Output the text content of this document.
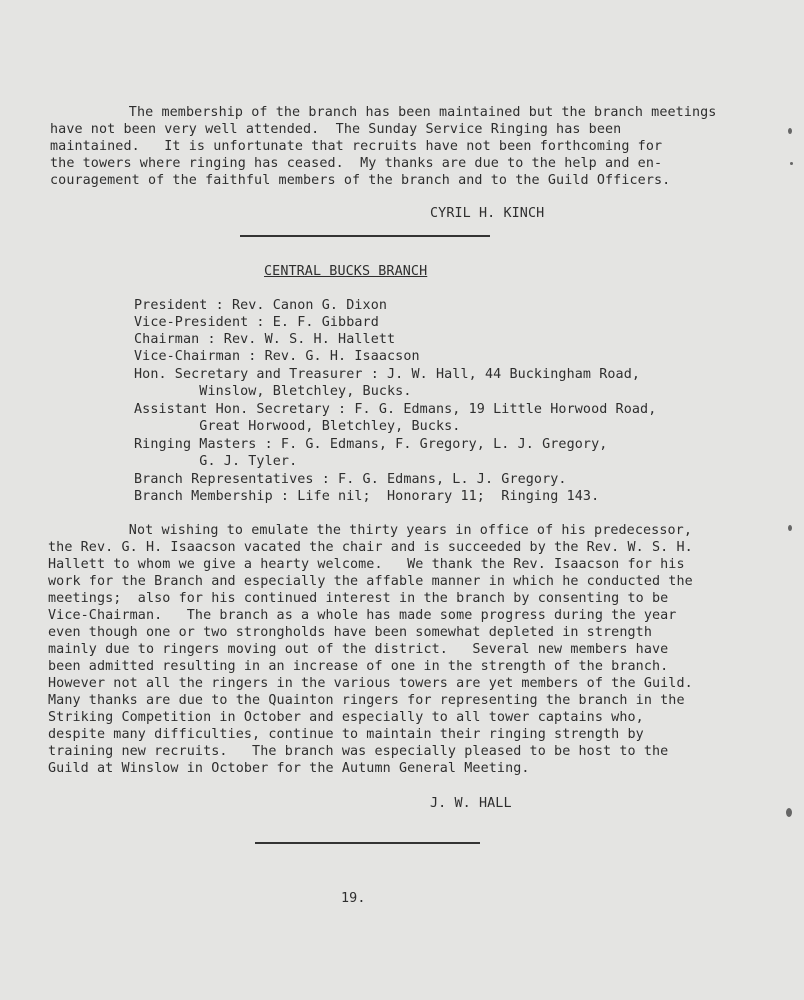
The membership of the branch has been maintained but the branch meetings
have not been very well attended.  The Sunday Service Ringing has been
maintained.   It is unfortunate that recruits have not been forthcoming for
the towers where ringing has ceased.  My thanks are due to the help and en-
couragement of the faithful members of the branch and to the Guild Officers.
CYRIL H. KINCH
CENTRAL BUCKS BRANCH
President : Rev. Canon G. Dixon
Vice-President : E. F. Gibbard
Chairman : Rev. W. S. H. Hallett
Vice-Chairman : Rev. G. H. Isaacson
Hon. Secretary and Treasurer : J. W. Hall, 44 Buckingham Road,
Winslow, Bletchley, Bucks.
Assistant Hon. Secretary : F. G. Edmans, 19 Little Horwood Road,
Great Horwood, Bletchley, Bucks.
Ringing Masters : F. G. Edmans, F. Gregory, L. J. Gregory,
G. J. Tyler.
Branch Representatives : F. G. Edmans, L. J. Gregory.
Branch Membership : Life nil;  Honorary 11;  Ringing 143.
Not wishing to emulate the thirty years in office of his predecessor,
the Rev. G. H. Isaacson vacated the chair and is succeeded by the Rev. W. S. H.
Hallett to whom we give a hearty welcome.   We thank the Rev. Isaacson for his
work for the Branch and especially the affable manner in which he conducted the
meetings;  also for his continued interest in the branch by consenting to be
Vice-Chairman.   The branch as a whole has made some progress during the year
even though one or two strongholds have been somewhat depleted in strength
mainly due to ringers moving out of the district.   Several new members have
been admitted resulting in an increase of one in the strength of the branch.
However not all the ringers in the various towers are yet members of the Guild.
Many thanks are due to the Quainton ringers for representing the branch in the
Striking Competition in October and especially to all tower captains who,
despite many difficulties, continue to maintain their ringing strength by
training new recruits.   The branch was especially pleased to be host to the
Guild at Winslow in October for the Autumn General Meeting.
J. W. HALL
19.
